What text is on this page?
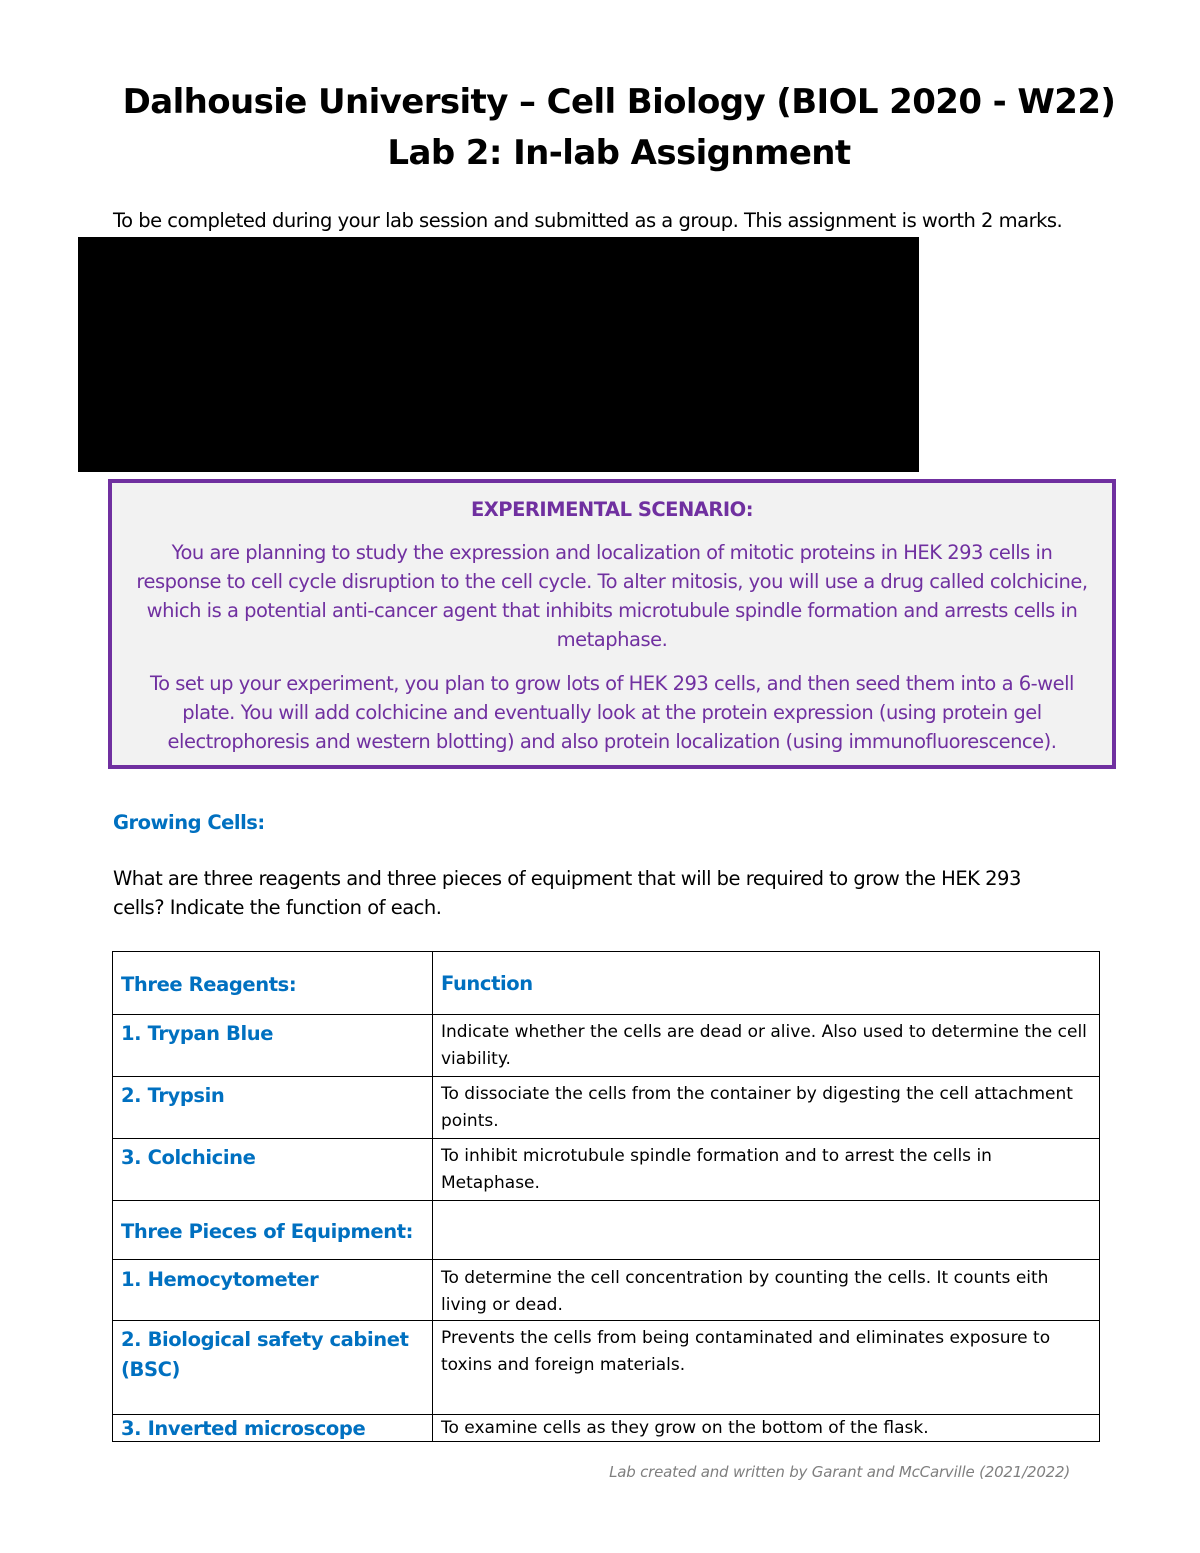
Dalhousie University – Cell Biology (BIOL 2020 - W22)
Lab 2: In-lab Assignment
To be completed during your lab session and submitted as a group. This assignment is worth 2 marks.
EXPERIMENTAL SCENARIO:
You are planning to study the expression and localization of mitotic proteins in HEK 293 cells in response to cell cycle disruption to the cell cycle. To alter mitosis, you will use a drug called colchicine, which is a potential anti-cancer agent that inhibits microtubule spindle formation and arrests cells in metaphase.
To set up your experiment, you plan to grow lots of HEK 293 cells, and then seed them into a 6-well plate. You will add colchicine and eventually look at the protein expression (using protein gel electrophoresis and western blotting) and also protein localization (using immunofluorescence).
Growing Cells:
What are three reagents and three pieces of equipment that will be required to grow the HEK 293 cells? Indicate the function of each.
Three Reagents:	Function
1. Trypan Blue	Indicate whether the cells are dead or alive. Also used to determine the cell viability.
2. Trypsin	To dissociate the cells from the container by digesting the cell attachment points.
3. Colchicine	To inhibit microtubule spindle formation and to arrest the cells in Metaphase.
Three Pieces of Equipment:	
1. Hemocytometer	To determine the cell concentration by counting the cells. It counts eith living or dead.
2. Biological safety cabinet (BSC)	Prevents the cells from being contaminated and eliminates exposure to toxins and foreign materials.
3. Inverted microscope	To examine cells as they grow on the bottom of the flask.
Lab created and written by Garant and McCarville (2021/2022)
